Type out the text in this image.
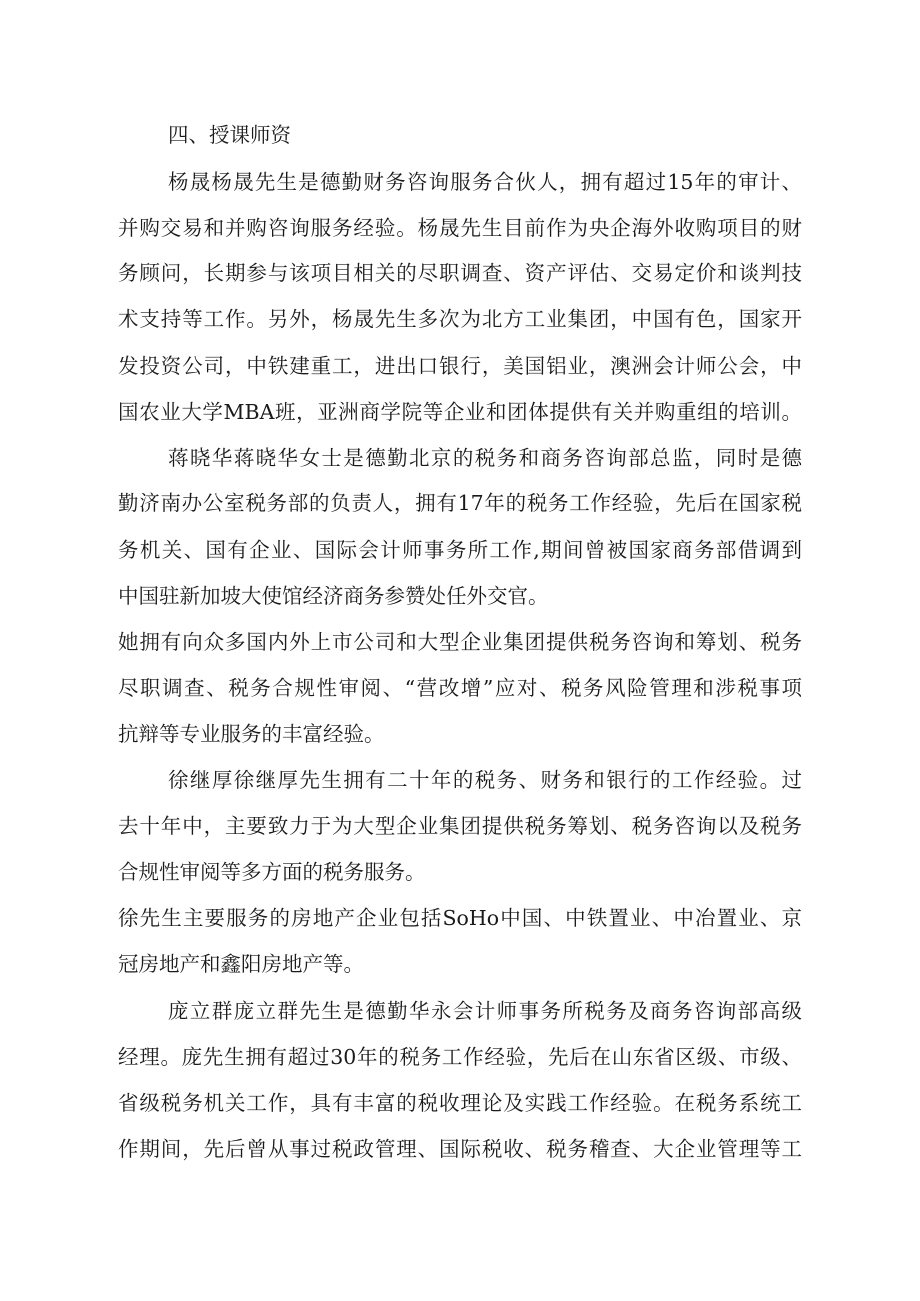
四、授课师资
杨晟杨晟先生是德勤财务咨询服务合伙人，拥有超过15年的审计、
并购交易和并购咨询服务经验。杨晟先生目前作为央企海外收购项目的财
务顾问，长期参与该项目相关的尽职调查、资产评估、交易定价和谈判技
术支持等工作。另外，杨晟先生多次为北方工业集团，中国有色，国家开
发投资公司，中铁建重工，进出口银行，美国铝业，澳洲会计师公会，中
国农业大学MBA班，亚洲商学院等企业和团体提供有关并购重组的培训。
蒋晓华蒋晓华女士是德勤北京的税务和商务咨询部总监，同时是德
勤济南办公室税务部的负责人，拥有17年的税务工作经验，先后在国家税
务机关、国有企业、国际会计师事务所工作,期间曾被国家商务部借调到
中国驻新加坡大使馆经济商务参赞处任外交官。
她拥有向众多国内外上市公司和大型企业集团提供税务咨询和筹划、税务
尽职调查、税务合规性审阅、“营改增”应对、税务风险管理和涉税事项
抗辩等专业服务的丰富经验。
徐继厚徐继厚先生拥有二十年的税务、财务和银行的工作经验。过
去十年中，主要致力于为大型企业集团提供税务筹划、税务咨询以及税务
合规性审阅等多方面的税务服务。
徐先生主要服务的房地产企业包括SoHo中国、中铁置业、中冶置业、京
冠房地产和鑫阳房地产等。
庞立群庞立群先生是德勤华永会计师事务所税务及商务咨询部高级
经理。庞先生拥有超过30年的税务工作经验，先后在山东省区级、市级、
省级税务机关工作，具有丰富的税收理论及实践工作经验。在税务系统工
作期间，先后曾从事过税政管理、国际税收、税务稽查、大企业管理等工
